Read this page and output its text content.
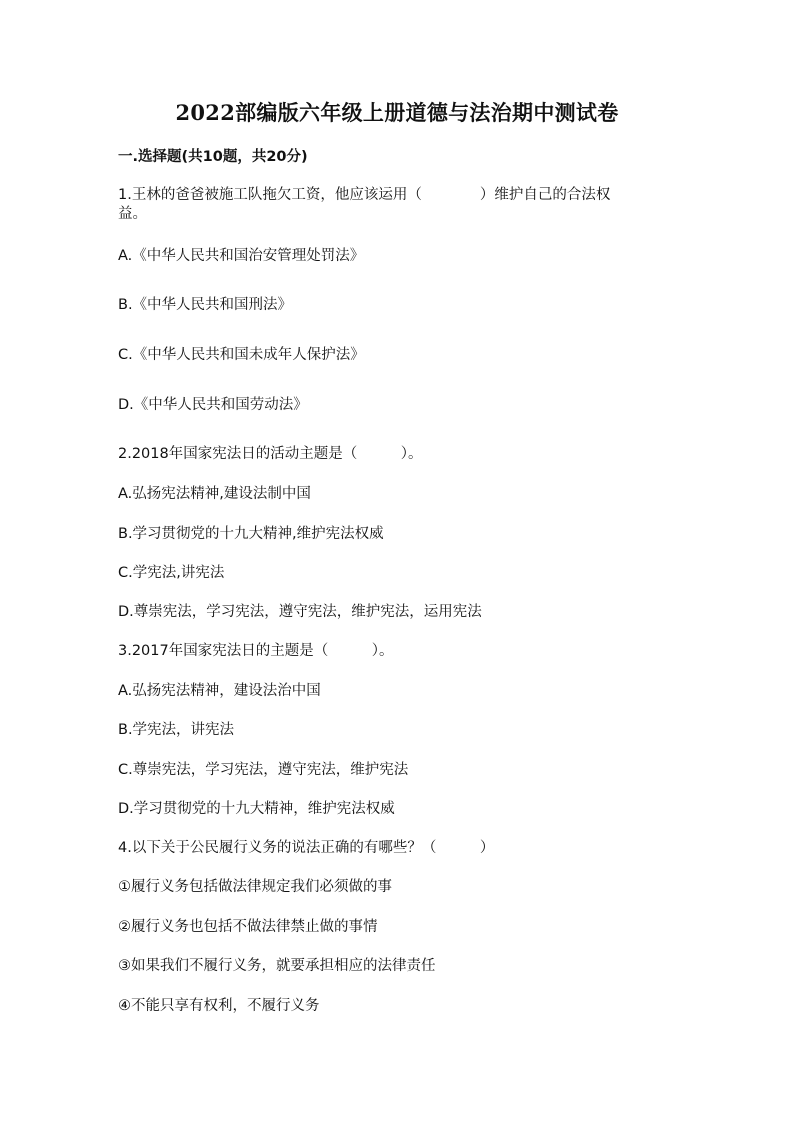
2022部编版六年级上册道德与法治期中测试卷
一.选择题(共10题，共20分)
1.王林的爸爸被施工队拖欠工资，他应该运用（　　　　）维护自己的合法权
益。
A.《中华人民共和国治安管理处罚法》
B.《中华人民共和国刑法》
C.《中华人民共和国未成年人保护法》
D.《中华人民共和国劳动法》
2.2018年国家宪法日的活动主题是（　　　）。
A.弘扬宪法精神,建设法制中国
B.学习贯彻党的十九大精神,维护宪法权威
C.学宪法,讲宪法
D.尊崇宪法，学习宪法，遵守宪法，维护宪法，运用宪法
3.2017年国家宪法日的主题是（　　　）。
A.弘扬宪法精神，建设法治中国
B.学宪法，讲宪法
C.尊崇宪法，学习宪法，遵守宪法，维护宪法
D.学习贯彻党的十九大精神，维护宪法权威
4.以下关于公民履行义务的说法正确的有哪些？（　　　）
①履行义务包括做法律规定我们必须做的事
②履行义务也包括不做法律禁止做的事情
③如果我们不履行义务，就要承担相应的法律责任
④不能只享有权利，不履行义务
